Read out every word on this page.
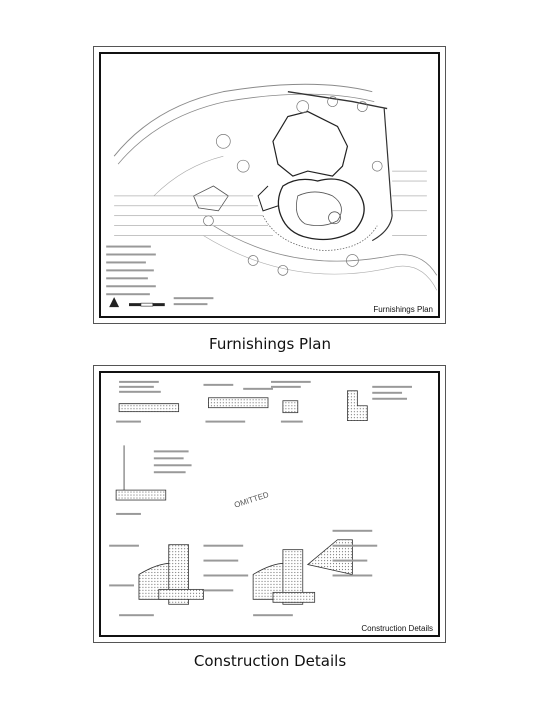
Furnishings Plan
Furnishings Plan
OMITTED
Construction Details
Construction Details
